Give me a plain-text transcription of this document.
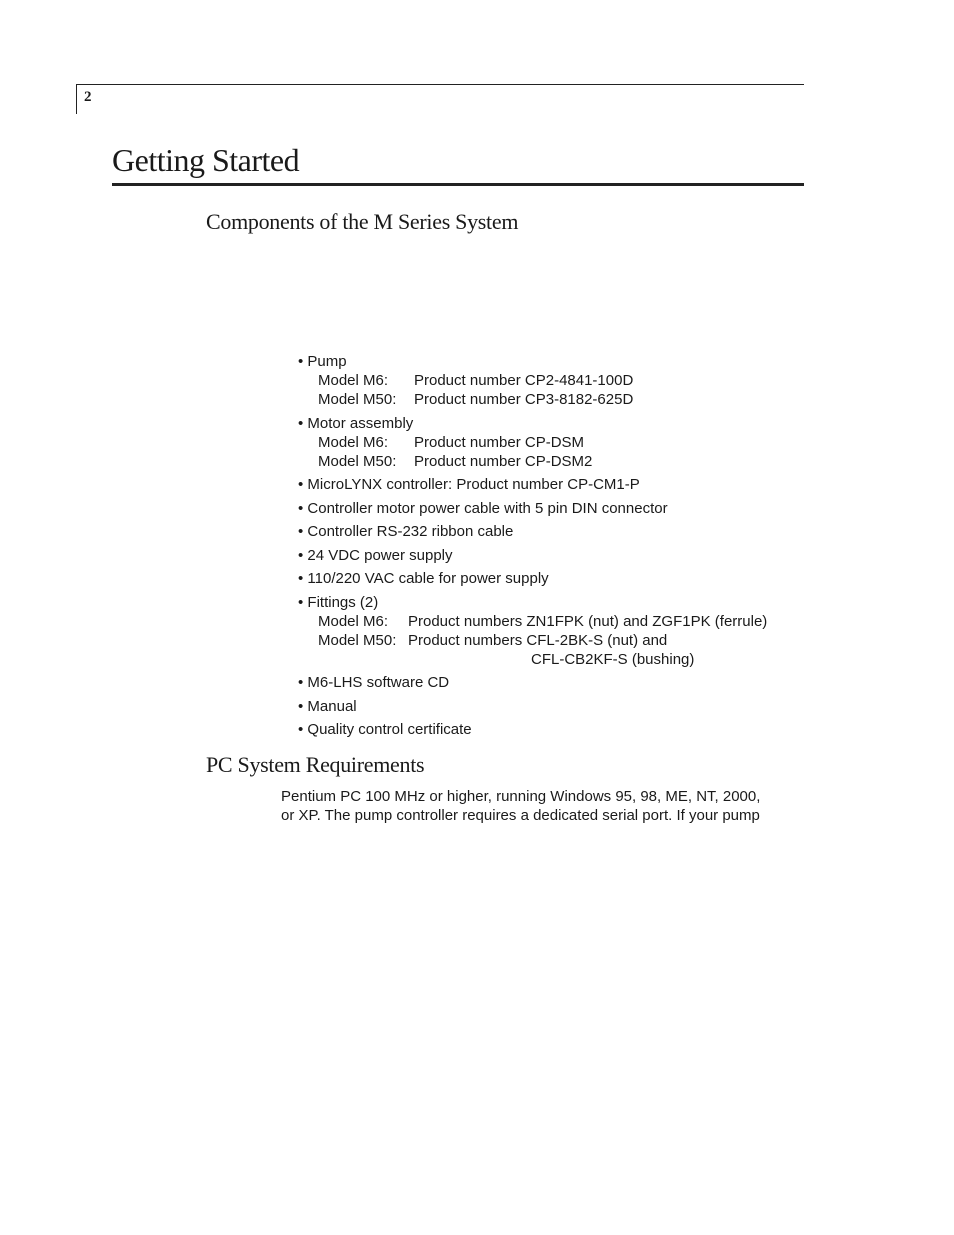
2
Getting Started
Components of the M Series System
• Pump
Model M6: Product number CP2-4841-100D
Model M50: Product number CP3-8182-625D
• Motor assembly
Model M6: Product number CP-DSM
Model M50: Product number CP-DSM2
• MicroLYNX controller: Product number CP-CM1-P
• Controller motor power cable with 5 pin DIN connector
• Controller RS-232 ribbon cable
• 24 VDC power supply
• 110/220 VAC cable for power supply
• Fittings (2)
Model M6: Product numbers ZN1FPK (nut) and ZGF1PK (ferrule)
Model M50: Product numbers CFL-2BK-S (nut) and
CFL-CB2KF-S (bushing)
• M6-LHS software CD
• Manual
• Quality control certificate
PC System Requirements
Pentium PC 100 MHz or higher, running Windows 95, 98, ME, NT, 2000,
or XP. The pump controller requires a dedicated serial port. If your pump
